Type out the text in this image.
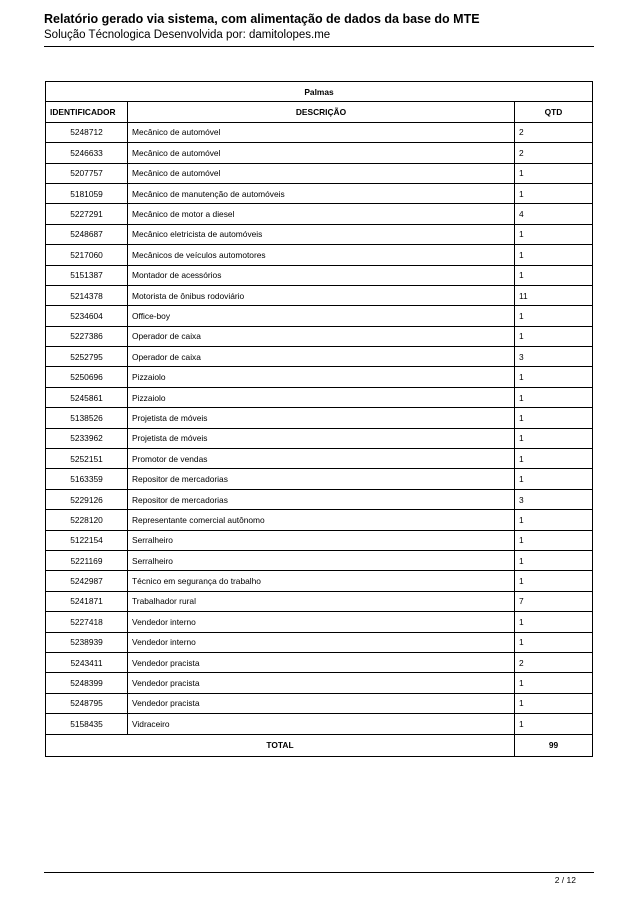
Relatório gerado via sistema, com alimentação de dados da base do MTE
Solução Técnologica Desenvolvida por: damitolopes.me
Palmas		
IDENTIFICADOR	DESCRIÇÃO	QTD
5248712	Mecânico de automóvel	2
5246633	Mecânico de automóvel	2
5207757	Mecânico de automóvel	1
5181059	Mecânico de manutenção de automóveis	1
5227291	Mecânico de motor a diesel	4
5248687	Mecânico eletricista de automóveis	1
5217060	Mecânicos de veículos automotores	1
5151387	Montador de acessórios	1
5214378	Motorista de ônibus rodoviário	11
5234604	Office-boy	1
5227386	Operador de caixa	1
5252795	Operador de caixa	3
5250696	Pizzaiolo	1
5245861	Pizzaiolo	1
5138526	Projetista de móveis	1
5233962	Projetista de móveis	1
5252151	Promotor de vendas	1
5163359	Repositor de mercadorias	1
5229126	Repositor de mercadorias	3
5228120	Representante comercial autônomo	1
5122154	Serralheiro	1
5221169	Serralheiro	1
5242987	Técnico em segurança do trabalho	1
5241871	Trabalhador rural	7
5227418	Vendedor interno	1
5238939	Vendedor interno	1
5243411	Vendedor pracista	2
5248399	Vendedor pracista	1
5248795	Vendedor pracista	1
5158435	Vidraceiro	1
TOTAL		99
2 / 12
